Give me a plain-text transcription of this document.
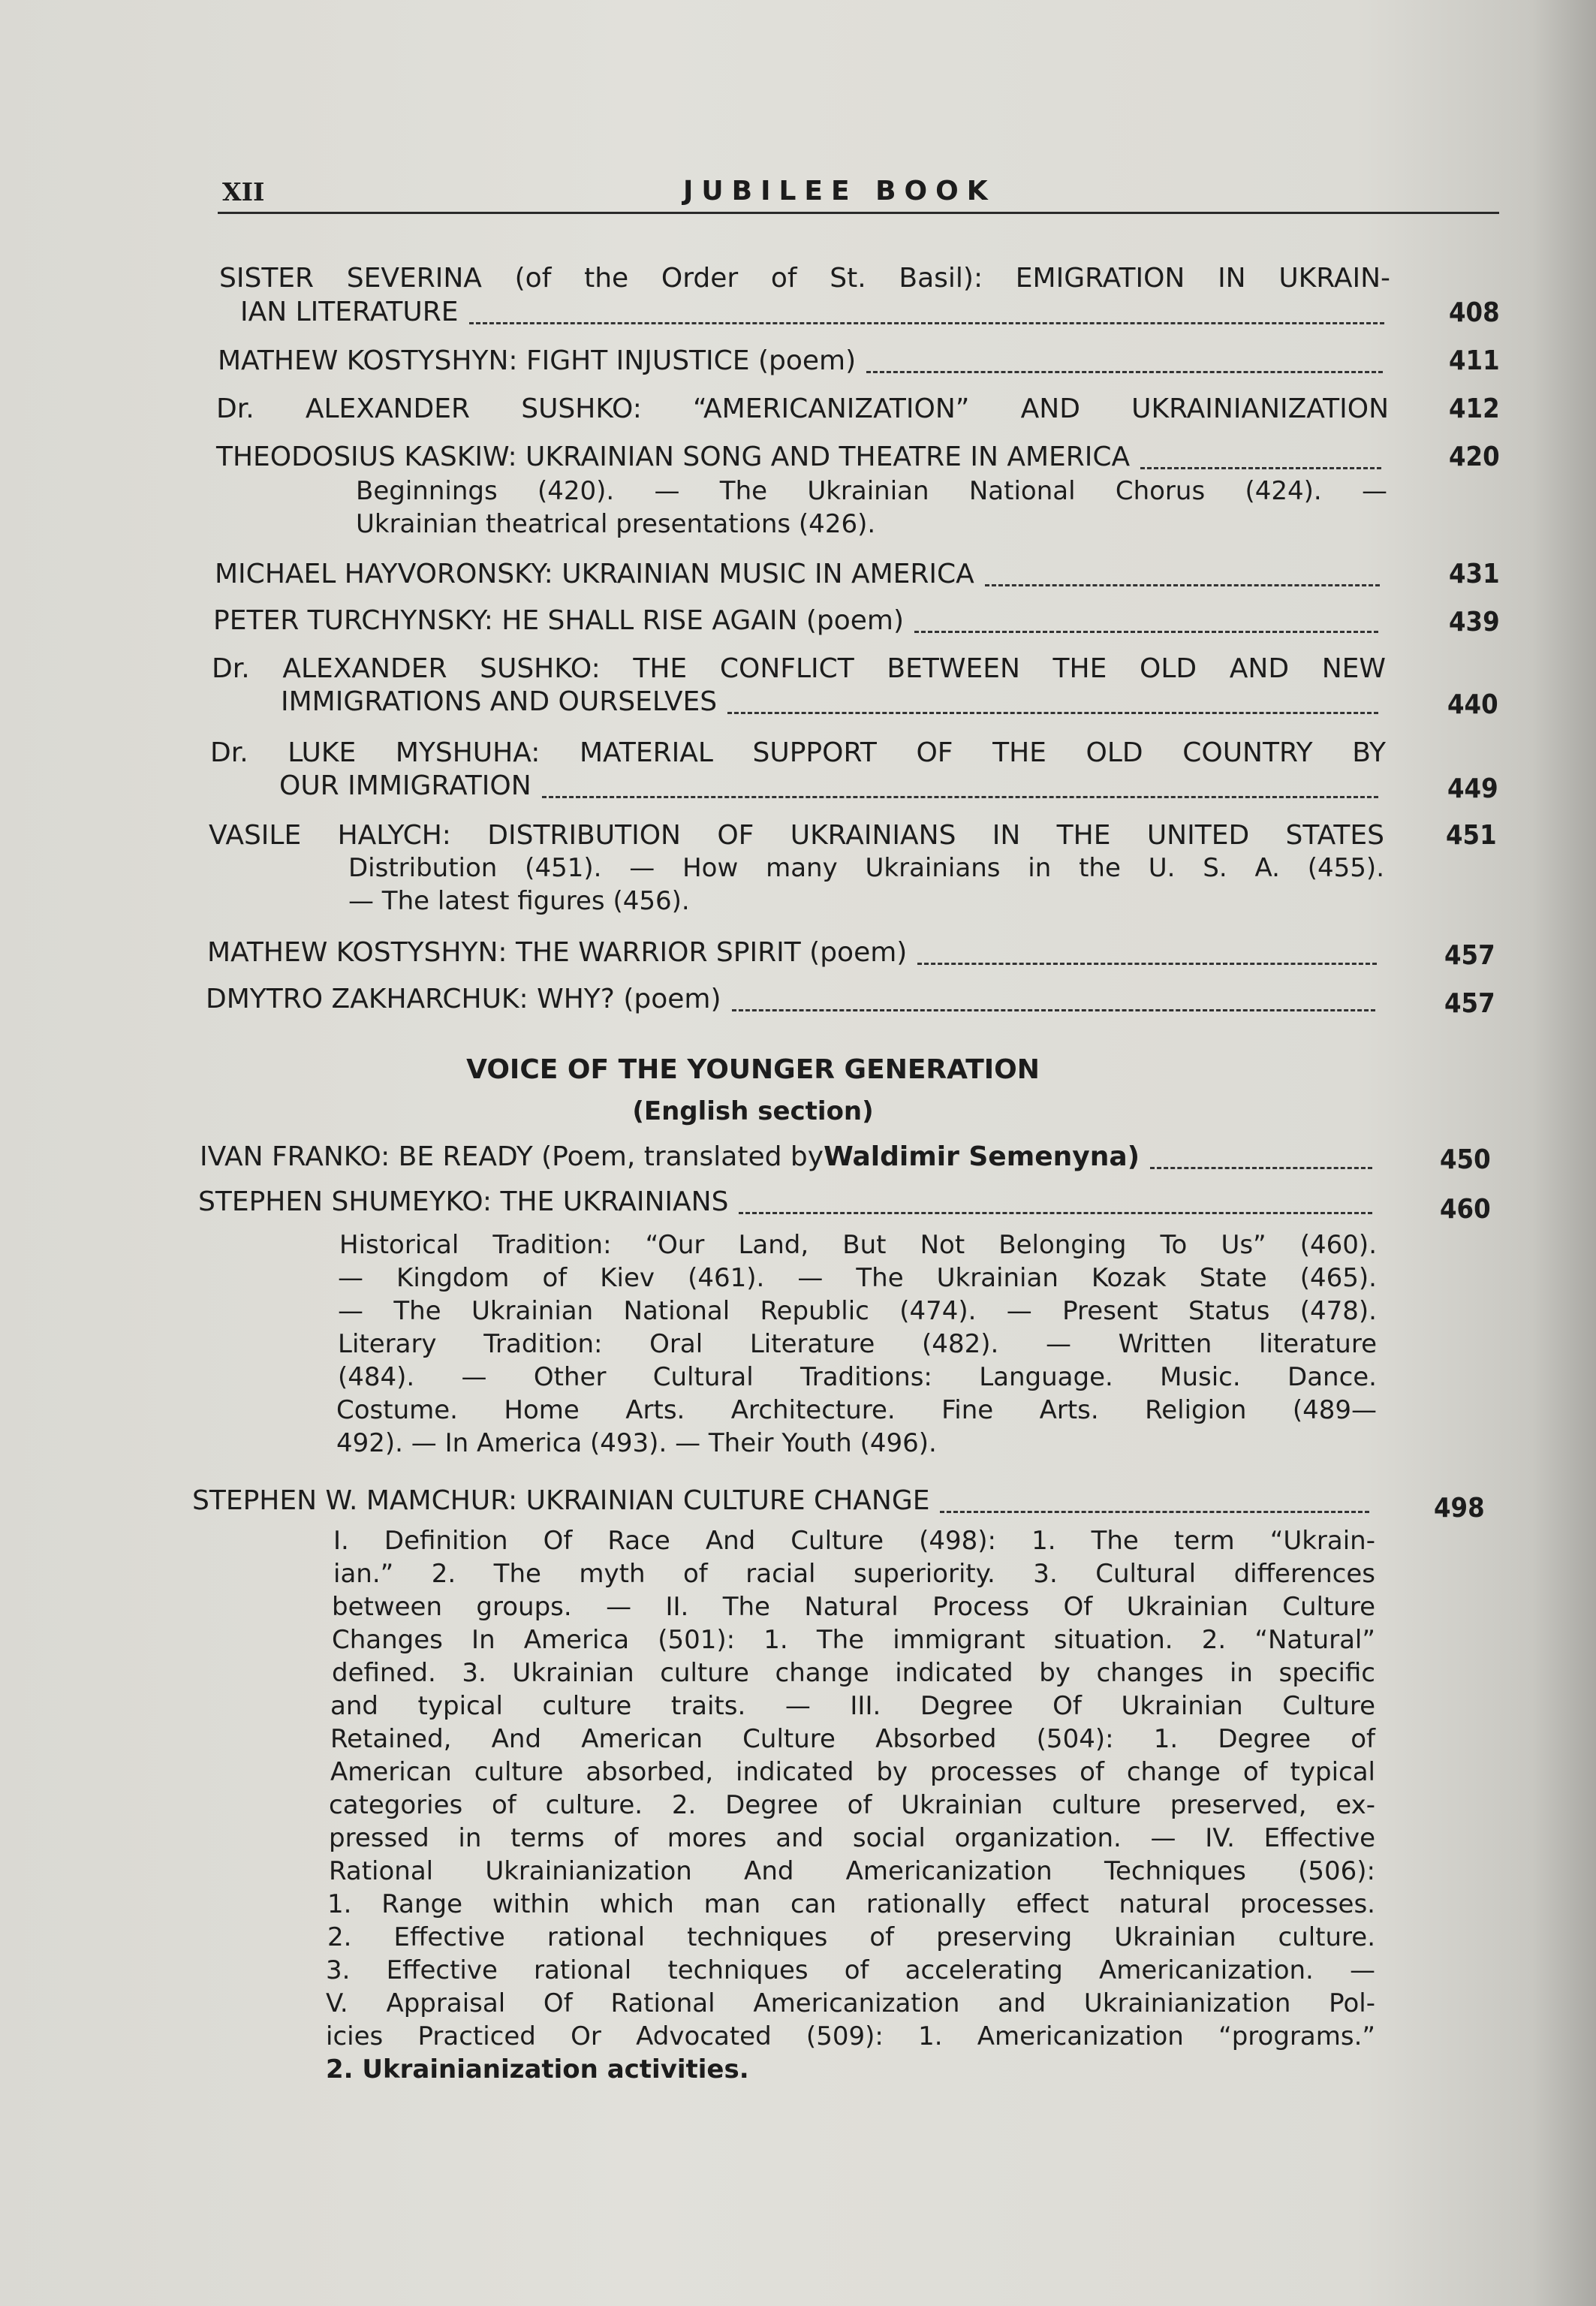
XII	JUBILEE BOOK
SISTER SEVERINA (of the Order of St. Basil): EMIGRATION IN UKRAIN-
IAN LITERATURE	408
MATHEW KOSTYSHYN: FIGHT INJUSTICE (poem)	411
Dr. ALEXANDER SUSHKO: “AMERICANIZATION” AND UKRAINIANIZATION 412
THEODOSIUS KASKIW: UKRAINIAN SONG AND THEATRE IN AMERICA	420
Beginnings (420). — The Ukrainian National Chorus (424). —
Ukrainian theatrical presentations (426).
MICHAEL HAYVORONSKY: UKRAINIAN MUSIC IN AMERICA	431
PETER TURCHYNSKY: HE SHALL RISE AGAIN (poem)	439
Dr. ALEXANDER SUSHKO: THE CONFLICT BETWEEN THE OLD AND NEW
IMMIGRATIONS AND OURSELVES	440
Dr. LUKE MYSHUHA: MATERIAL SUPPORT OF THE OLD COUNTRY BY
OUR IMMIGRATION	449
VASILE HALYCH: DISTRIBUTION OF UKRAINIANS IN THE UNITED STATES 451
Distribution (451). — How many Ukrainians in the U. S. A. (455).
— The latest figures (456).
MATHEW KOSTYSHYN: THE WARRIOR SPIRIT (poem)	457
DMYTRO ZAKHARCHUK: WHY? (poem)	457
VOICE OF THE YOUNGER GENERATION
(English section)
IVAN FRANKO: BE READY (Poem, translated by Waldimir Semenyna)	450
STEPHEN SHUMEYKO: THE UKRAINIANS	460
Historical Tradition: “Our Land, But Not Belonging To Us” (460).
— Kingdom of Kiev (461). — The Ukrainian Kozak State (465).
— The Ukrainian National Republic (474). — Present Status (478).
Literary Tradition: Oral Literature (482). — Written literature
(484). — Other Cultural Traditions: Language. Music. Dance.
Costume. Home Arts. Architecture. Fine Arts. Religion (489—
492). — In America (493). — Their Youth (496).
STEPHEN W. MAMCHUR: UKRAINIAN CULTURE CHANGE	498
I. Definition Of Race And Culture (498): 1. The term “Ukrain-
ian.” 2. The myth of racial superiority. 3. Cultural differences
between groups. — II. The Natural Process Of Ukrainian Culture
Changes In America (501): 1. The immigrant situation. 2. “Natural”
defined. 3. Ukrainian culture change indicated by changes in specific
and typical culture traits. — III. Degree Of Ukrainian Culture
Retained, And American Culture Absorbed (504): 1. Degree of
American culture absorbed, indicated by processes of change of typical
categories of culture. 2. Degree of Ukrainian culture preserved, ex-
pressed in terms of mores and social organization. — IV. Effective
Rational Ukrainianization And Americanization Techniques (506):
1. Range within which man can rationally effect natural processes.
2. Effective rational techniques of preserving Ukrainian culture.
3. Effective rational techniques of accelerating Americanization. —
V. Appraisal Of Rational Americanization and Ukrainianization Pol-
icies Practiced Or Advocated (509): 1. Americanization “programs.”
2. Ukrainianization activities.
